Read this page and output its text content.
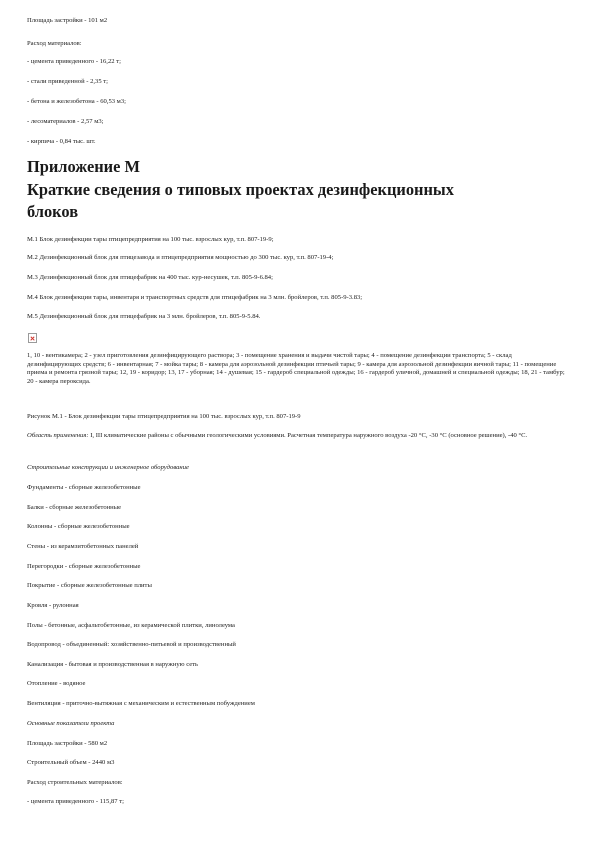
Площадь застройки - 101 м2

Расход материалов:

- цемента приведенного - 16,22 т;

- стали приведенной - 2,35 т;

- бетона и железобетона - 60,53 м3;

- лесоматериалов - 2,57 м3;

- кирпича - 0,84 тыс. шт.

Приложение М

Краткие сведения о типовых проектах дезинфекционных

блоков

М.1 Блок дезинфекции тары птицепредприятия на 100 тыс. взрослых кур, т.п. 807-19-9;

М.2 Дезинфекционный блок для птицезавода и птицепредприятия мощностью до 300 тыс. кур, т.п. 807-19-4;

М.3 Дезинфекционный блок для птицефабрик на 400 тыс. кур-несушек, т.п. 805-9-6.84;

М.4 Блок дезинфекции тары, инвентаря и транспортных средств для птицефабрик на 3 млн. бройлеров, т.п. 805-9-3.83;

М.5 Дезинфекционный блок для птицефабрик на 3 млн. бройлеров, т.п. 805-9-5.84.

1, 10 - вентикамера; 2 - узел приготовления дезинфицирующего раствора; 3 - помещение хранения и выдачи чистой тары; 4 - помещение дезинфекции транспорта; 5 - склад дезинфицирующих средств; 6 - инвентарная; 7 - мойка тары; 8 - камера для аэрозольной дезинфекции птичьей тары; 9 - камера для аэрозольной дезинфекции яичной тары; 11 - помещение приема и ремонта грязной тары; 12, 19 - коридор; 13, 17 - уборная; 14 - душевая; 15 - гардероб специальной одежды; 16 - гардероб уличной, домашней и специальной одежды; 18, 21 - тамбур; 20 - камера пероксида.

Рисунок М.1 - Блок дезинфекции тары птицепредприятия на 100 тыс. взрослых кур, т.п. 807-19-9

Область применения: I, III климатические районы с обычными геологическими условиями. Расчетная температура наружного воздуха -20 °С, -30 °С (основное решение), -40 °С.

Строительные конструкции и инженерное оборудование

Фундаменты - сборные железобетонные

Балки - сборные железобетонные

Колонны - сборные железобетонные

Стены - из керамзитобетонных панелей

Перегородки - сборные железобетонные

Покрытие - сборные железобетонные плиты

Кровля - рулонная

Полы - бетонные, асфальтобетонные, из керамической плитки, линолеума

Водопровод - объединенный: хозяйственно-питьевой и производственный

Канализация - бытовая и производственная в наружную сеть

Отопление - водяное

Вентиляция - приточно-вытяжная с механическим и естественным побуждением

Основные показатели проекта

Площадь застройки - 580 м2

Строительный объем - 2440 м3

Расход строительных материалов:

- цемента приведенного - 115,87 т;
